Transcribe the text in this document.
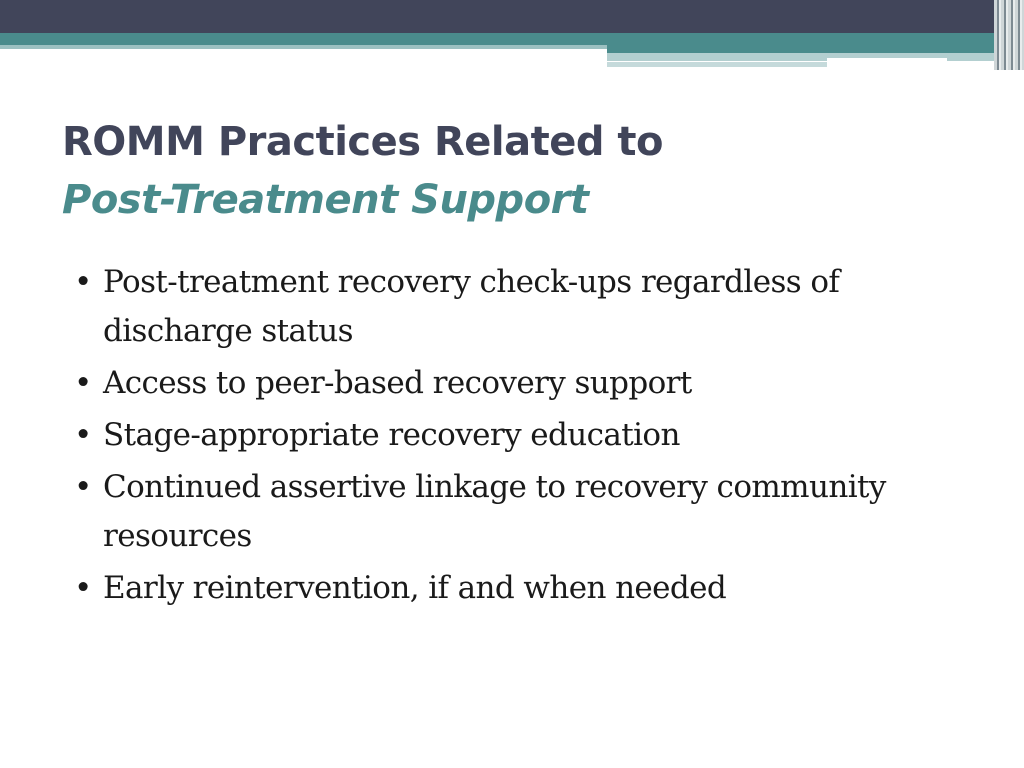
ROMM Practices Related to
Post-Treatment Support
• Post-treatment recovery check-ups regardless of discharge status
• Access to peer-based recovery support
• Stage-appropriate recovery education
• Continued assertive linkage to recovery community resources
• Early reintervention, if and when needed
